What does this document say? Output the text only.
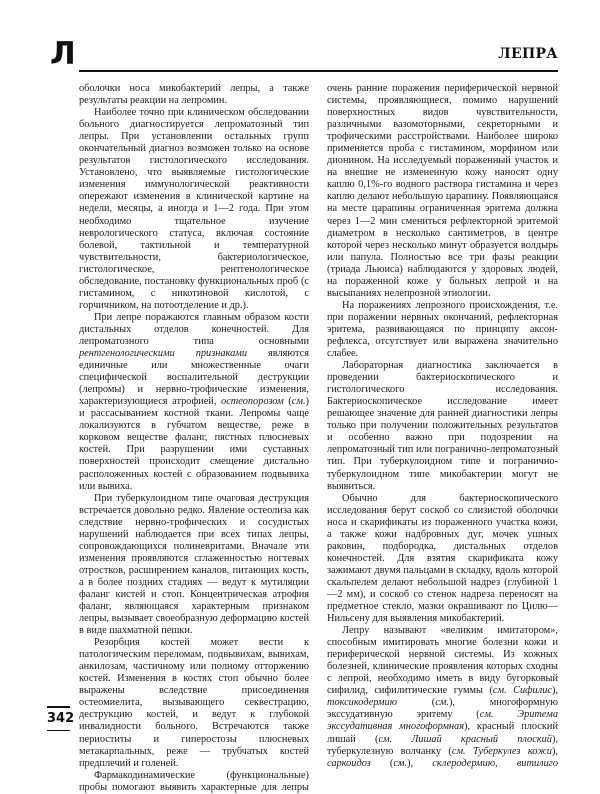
Л	ЛЕПРА

оболочки носа микобактерий лепры, а также результаты реакции на лепромин.

Наиболее точно при клиническом обследовании больного диагностируется лепроматозный тип лепры. При установлении остальных групп окончательный диагноз возможен только на основе результатов гистологического исследования. Установлено, что выявляемые гистологические изменения иммунологической реактивности опережают изменения в клинической картине на недели, месяцы, а иногда и 1—2 года. При этом необходимо тщательное изучение неврологического статуса, включая состояние болевой, тактильной и температурной чувствительности, бактериологическое, гистологическое, рентгенологическое обследование, постановку функциональных проб (с гистамином, с никотиновой кислотой, с горчичником, на потоотделение и др.).

При лепре поражаются главным образом кости дистальных отделов конечностей. Для лепроматозного типа основными рентгенологическими признаками являются единичные или множественные очаги специфической воспалительной деструкции (лепромы) и нервно-трофические изменения, характеризующиеся атрофией, остеопорозом (см.) и рассасыванием костной ткани. Лепромы чаще локализуются в губчатом веществе, реже в корковом веществе фаланг, пястных плюсневых костей. При разрушении ими суставных поверхностей происходит смещение дистально расположенных костей с образованием подвывиха или вывиха.

При туберкулоидном типе очаговая деструкция встречается довольно редко. Явление остеолиза как следствие нервно-трофических и сосудистых нарушений наблюдается при всех типах лепры, сопровождающихся полиневритами. Вначале эти изменения проявляются сглаженностью ногтевых отростков, расширением каналов, питающих кость, а в более поздних стадиях — ведут к мутиляции фаланг кистей и стоп. Концентрическая атрофия фаланг, являющаяся характерным признаком лепры, вызывает своеобразную деформацию костей в виде шахматной пешки.

Резорбция костей может вести к патологическим переломам, подвывихам, вывихам, анкилозам, частичному или полному отторжению костей. Изменения в костях стоп обычно более выражены вследствие присоединения остеомиелита, вызывающего секвестрацию, деструкцию костей, и ведут к глубокой инвалидности больного. Встречаются также периоститы и гиперостозы плюсневых метакарпальных, реже — трубчатых костей предплечий и голеней.

Фармакодинамические (функциональные) пробы помогают выявить характерные для лепры

очень ранние поражения периферической нервной системы, проявляющиеся, помимо нарушений поверхностных видов чувствительности, различными вазомоторными, секреторными и трофическими расстройствами. Наиболее широко применяется проба с гистамином, морфином или дионином. На исследуемый пораженный участок и на внешне не измененную кожу наносят одну каплю 0,1%-го водного раствора гистамина и через каплю делают небольшую царапину. Появляющаяся на месте царапины ограниченная эритема должна через 1—2 мин смениться рефлекторной эритемой диаметром в несколько сантиметров, в центре которой через несколько минут образуется волдырь или папула. Полностью все три фазы реакции (триада Льюиса) наблюдаются у здоровых людей, на пораженной коже у больных лепрой и на высыпаниях нелепрозной этиологии.

На поражениях лепрозного происхождения, т.е. при поражении нервных окончаний, рефлекторная эритема, развивающаяся по принципу аксон-рефлекса, отсутствует или выражена значительно слабее.

Лабораторная диагностика заключается в проведении бактериоскопического и гистологического исследования. Бактериоскопическое исследование имеет решающее значение для ранней диагностики лепры только при получении положительных результатов и особенно важно при подозрении на лепроматозный тип или погранично-лепроматозный тип. При туберкулоидном типе и погранично-туберкулоидном типе микобактерии могут не выявиться.

Обычно для бактериоскопического исследования берут соскоб со слизистой оболочки носа и скарификаты из пораженного участка кожи, а также кожи надбровных дуг, мочек ушных раковин, подбородка, дистальных отделов конечностей. Для взятия скарификата кожу зажимают двумя пальцами в складку, вдоль которой скальпелем делают небольшой надрез (глубиной 1—2 мм), и соскоб со стенок надреза переносят на предметное стекло, мазки окрашивают по Цилю—Нильсену для выявления микобактерий.

Лепру называют «великим имитатором», способным имитировать многие болезни кожи и периферической нервной системы. Из кожных болезней, клинические проявления которых сходны с лепрой, необходимо иметь в виду бугорковый сифилид, сифилитические гуммы (см. Сифилис), токсикодермию (см.), многоформную экссудативную эритему (см. Эритема экссудативная многоформная), красный плоский лишай (см. Лишай красный плоский), туберкулезную волчанку (см. Туберкулез кожи), саркоидоз (см.), склеродермию, витилиго

342
